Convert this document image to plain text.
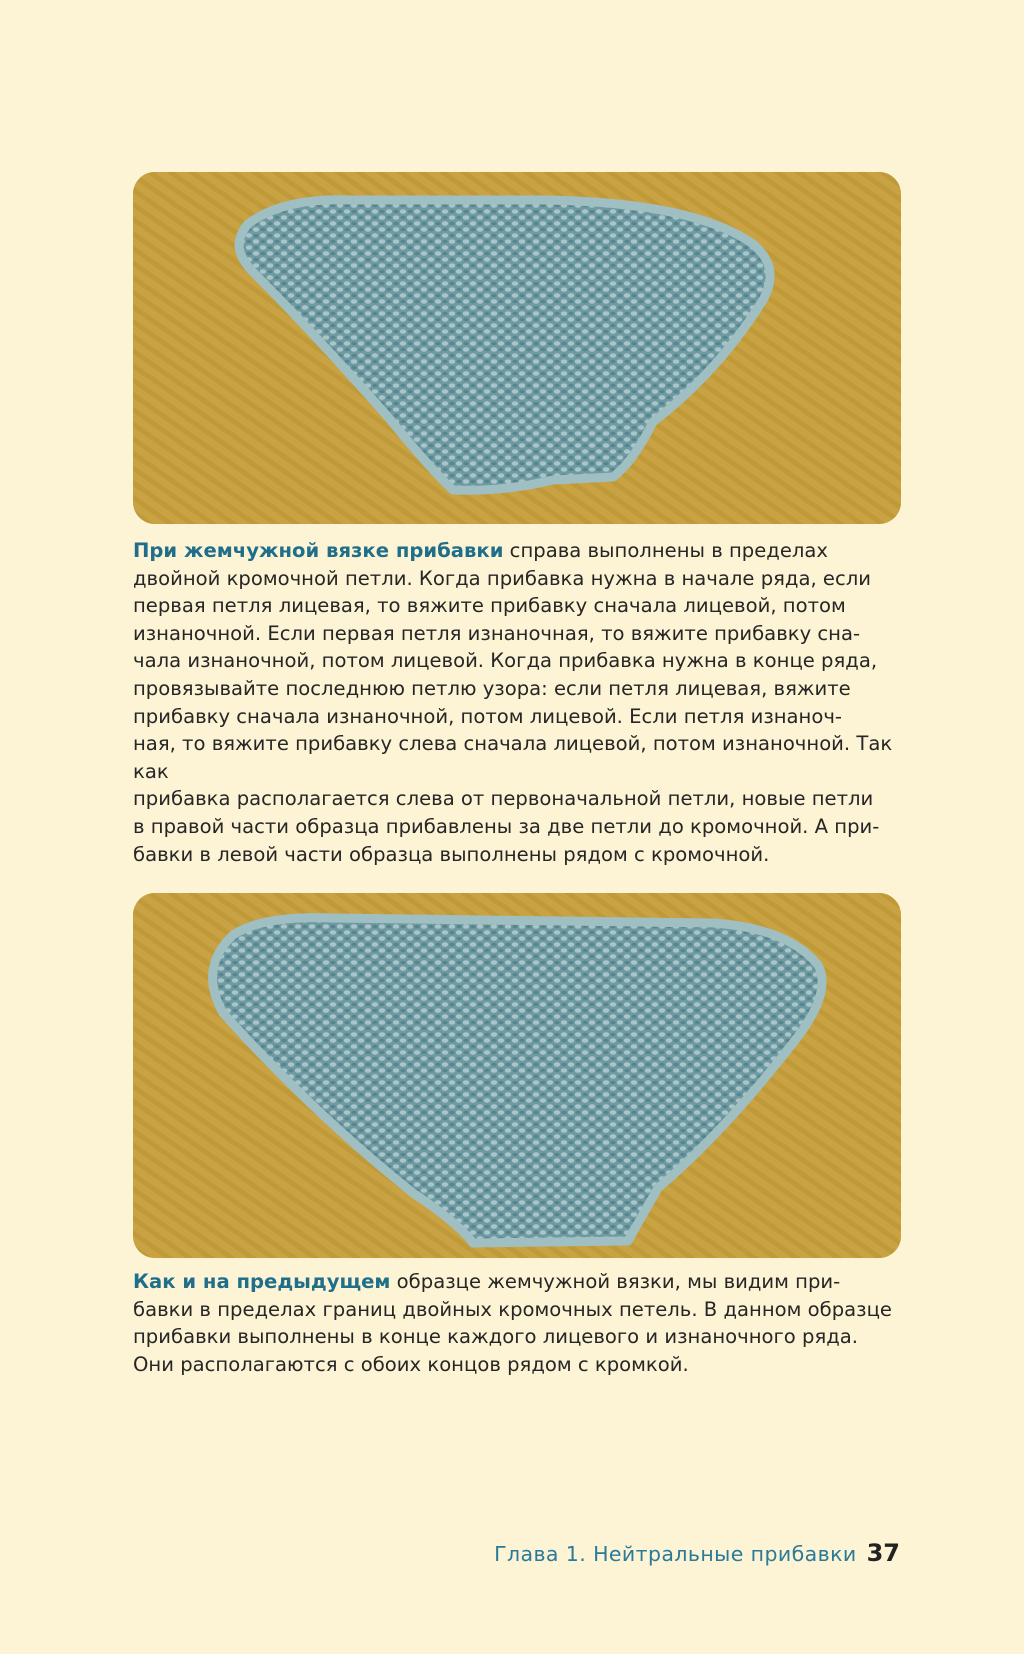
При жемчужной вязке прибавки справа выполнены в пределах
двойной кромочной петли. Когда прибавка нужна в начале ряда, если
первая петля лицевая, то вяжите прибавку сначала лицевой, потом
изнаночной. Если первая петля изнаночная, то вяжите прибавку сна-
чала изнаночной, потом лицевой. Когда прибавка нужна в конце ряда,
провязывайте последнюю петлю узора: если петля лицевая, вяжите
прибавку сначала изнаночной, потом лицевой. Если петля изнаноч-
ная, то вяжите прибавку слева сначала лицевой, потом изнаночной. Так как
прибавка располагается слева от первоначальной петли, новые петли
в правой части образца прибавлены за две петли до кромочной. А при-
бавки в левой части образца выполнены рядом с кромочной.

Как и на предыдущем образце жемчужной вязки, мы видим при-
бавки в пределах границ двойных кромочных петель. В данном образце
прибавки выполнены в конце каждого лицевого и изнаночного ряда.
Они располагаются с обоих концов рядом с кромкой.

Глава 1. Нейтральные прибавки 37
